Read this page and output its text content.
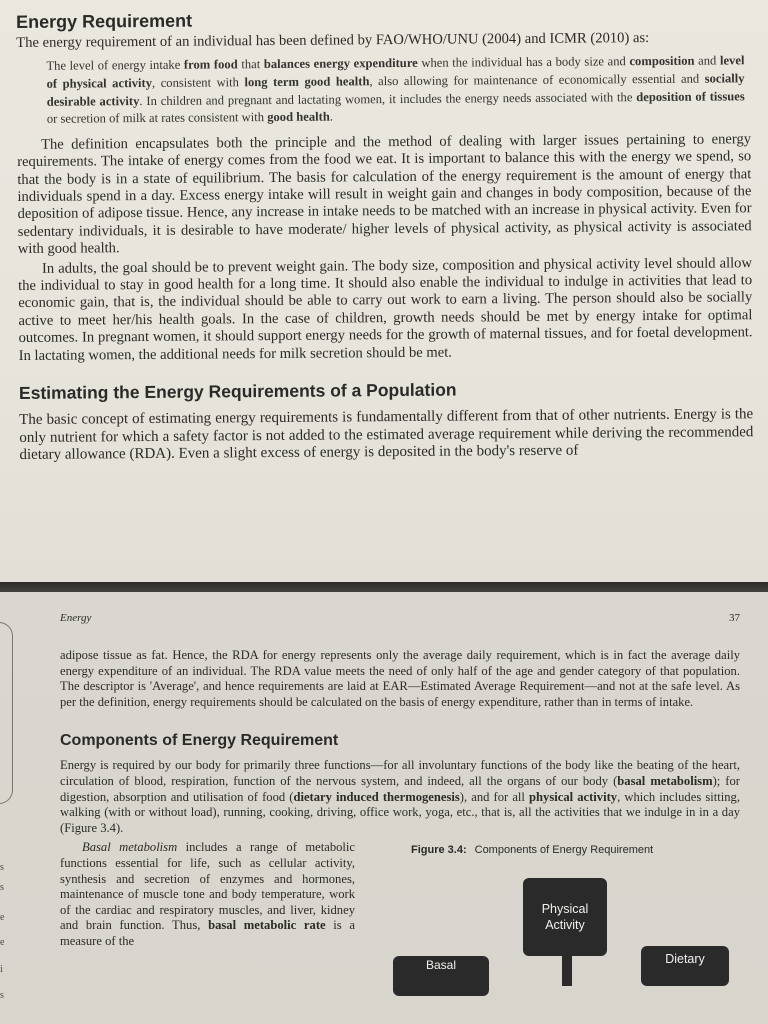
Energy Requirement

The energy requirement of an individual has been defined by FAO/WHO/UNU (2004) and ICMR (2010) as:

The level of energy intake from food that balances energy expenditure when the individual has a body size and composition and level of physical activity, consistent with long term good health, also allowing for maintenance of economically essential and socially desirable activity. In children and pregnant and lactating women, it includes the energy needs associated with the deposition of tissues or secretion of milk at rates consistent with good health.

The definition encapsulates both the principle and the method of dealing with larger issues pertaining to energy requirements. The intake of energy comes from the food we eat. It is important to balance this with the energy we spend, so that the body is in a state of equilibrium. The basis for calculation of the energy requirement is the amount of energy that individuals spend in a day. Excess energy intake will result in weight gain and changes in body composition, because of the deposition of adipose tissue. Hence, any increase in intake needs to be matched with an increase in physical activity. Even for sedentary individuals, it is desirable to have moderate/ higher levels of physical activity, as physical activity is associated with good health.

In adults, the goal should be to prevent weight gain. The body size, composition and physical activity level should allow the individual to stay in good health for a long time. It should also enable the individual to indulge in activities that lead to economic gain, that is, the individual should be able to carry out work to earn a living. The person should also be socially active to meet her/his health goals. In the case of children, growth needs should be met by energy intake for optimal outcomes. In pregnant women, it should support energy needs for the growth of maternal tissues, and for foetal development. In lactating women, the additional needs for milk secretion should be met.

Estimating the Energy Requirements of a Population

The basic concept of estimating energy requirements is fundamentally different from that of other nutrients. Energy is the only nutrient for which a safety factor is not added to the estimated average requirement while deriving the recommended dietary allowance (RDA). Even a slight excess of energy is deposited in the body's reserve of

s
s
e
e
i
s
Energy	37

adipose tissue as fat. Hence, the RDA for energy represents only the average daily requirement, which is in fact the average daily energy expenditure of an individual. The RDA value meets the need of only half of the age and gender category of that population. The descriptor is 'Average', and hence requirements are laid at EAR—Estimated Average Requirement—and not at the safe level. As per the definition, energy requirements should be calculated on the basis of energy expenditure, rather than in terms of intake.

Components of Energy Requirement

Energy is required by our body for primarily three functions—for all involuntary functions of the body like the beating of the heart, circulation of blood, respiration, function of the nervous system, and indeed, all the organs of our body (basal metabolism); for digestion, absorption and utilisation of food (dietary induced thermogenesis), and for all physical activity, which includes sitting, walking (with or without load), running, cooking, driving, office work, yoga, etc., that is, all the activities that we indulge in in a day (Figure 3.4).

Basal metabolism includes a range of metabolic functions essential for life, such as cellular activity, synthesis and secretion of enzymes and hormones, maintenance of muscle tone and body temperature, work of the cardiac and respiratory muscles, and liver, kidney and brain function. Thus, basal metabolic rate is a measure of the

Figure 3.4: Components of Energy Requirement
Physical
Activity
Basal	Dietary
